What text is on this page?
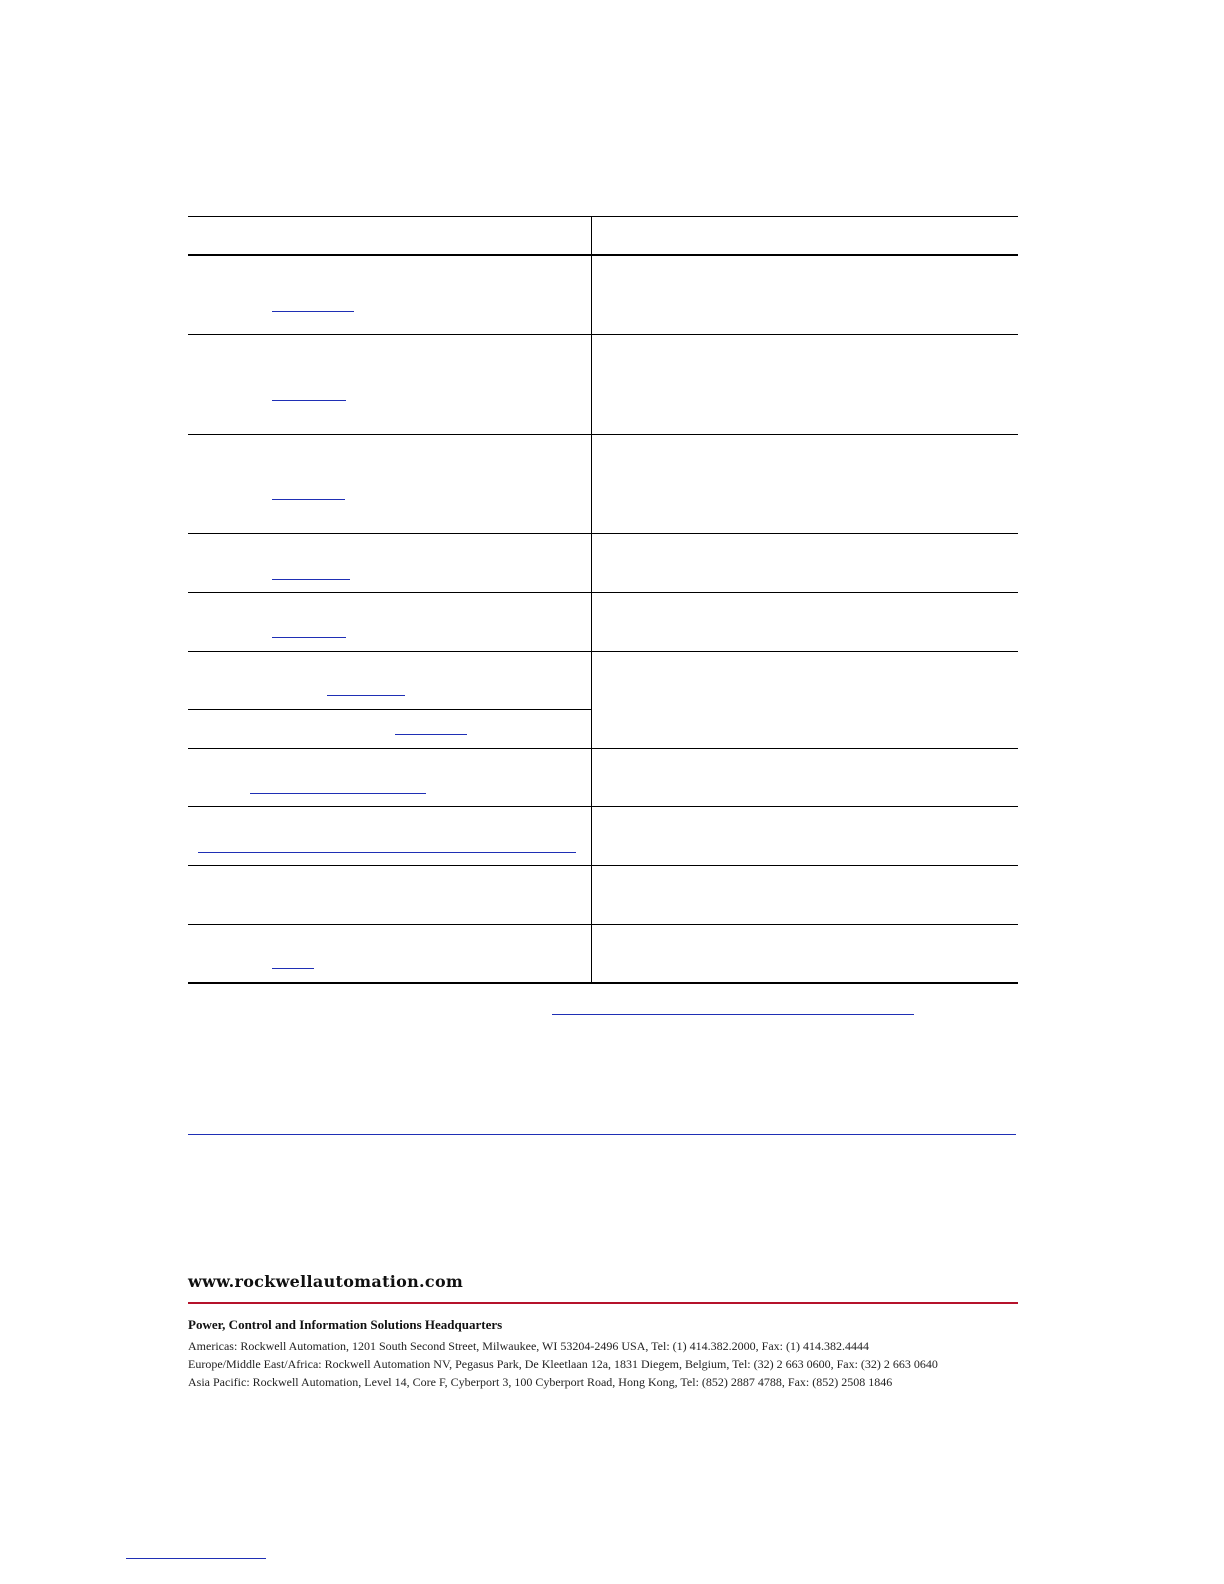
www.rockwellautomation.com
Power, Control and Information Solutions Headquarters
Americas: Rockwell Automation, 1201 South Second Street, Milwaukee, WI 53204-2496 USA, Tel: (1) 414.382.2000, Fax: (1) 414.382.4444
Europe/Middle East/Africa: Rockwell Automation NV, Pegasus Park, De Kleetlaan 12a, 1831 Diegem, Belgium, Tel: (32) 2 663 0600, Fax: (32) 2 663 0640
Asia Pacific: Rockwell Automation, Level 14, Core F, Cyberport 3, 100 Cyberport Road, Hong Kong, Tel: (852) 2887 4788, Fax: (852) 2508 1846
